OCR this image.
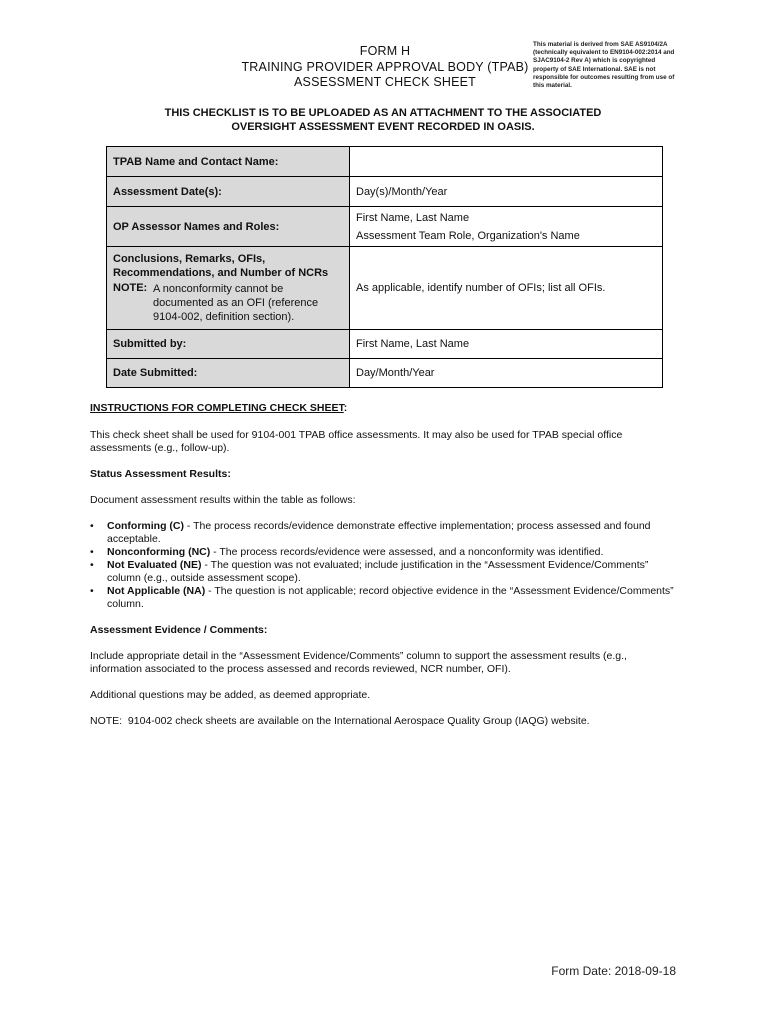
FORM H
TRAINING PROVIDER APPROVAL BODY (TPAB)
ASSESSMENT CHECK SHEET
This material is derived from SAE AS9104/2A (technically equivalent to EN9104-002:2014 and SJAC9104-2 Rev A) which is copyrighted property of SAE International. SAE is not responsible for outcomes resulting from use of this material.
THIS CHECKLIST IS TO BE UPLOADED AS AN ATTACHMENT TO THE ASSOCIATED
OVERSIGHT ASSESSMENT EVENT RECORDED IN OASIS.
TPAB Name and Contact Name:	
Assessment Date(s):	Day(s)/Month/Year
OP Assessor Names and Roles:	First Name, Last Name
Assessment Team Role, Organization's Name

Conclusions, Remarks, OFIs, Recommendations, and Number of NCRs
NOTE: A nonconformity cannot be documented as an OFI (reference 9104-002, definition section).	As applicable, identify number of OFIs; list all OFIs.
Submitted by:	First Name, Last Name
Date Submitted:	Day/Month/Year

INSTRUCTIONS FOR COMPLETING CHECK SHEET:

This check sheet shall be used for 9104-001 TPAB office assessments. It may also be used for TPAB special office assessments (e.g., follow-up).

Status Assessment Results:

Document assessment results within the table as follows:

• Conforming (C) - The process records/evidence demonstrate effective implementation; process assessed and found acceptable.
• Nonconforming (NC) - The process records/evidence were assessed, and a nonconformity was identified.
• Not Evaluated (NE) - The question was not evaluated; include justification in the “Assessment Evidence/Comments” column (e.g., outside assessment scope).
• Not Applicable (NA) - The question is not applicable; record objective evidence in the “Assessment Evidence/Comments” column.

Assessment Evidence / Comments:

Include appropriate detail in the “Assessment Evidence/Comments” column to support the assessment results (e.g., information associated to the process assessed and records reviewed, NCR number, OFI).

Additional questions may be added, as deemed appropriate.

NOTE:  9104-002 check sheets are available on the International Aerospace Quality Group (IAQG) website.

Form Date: 2018-09-18
